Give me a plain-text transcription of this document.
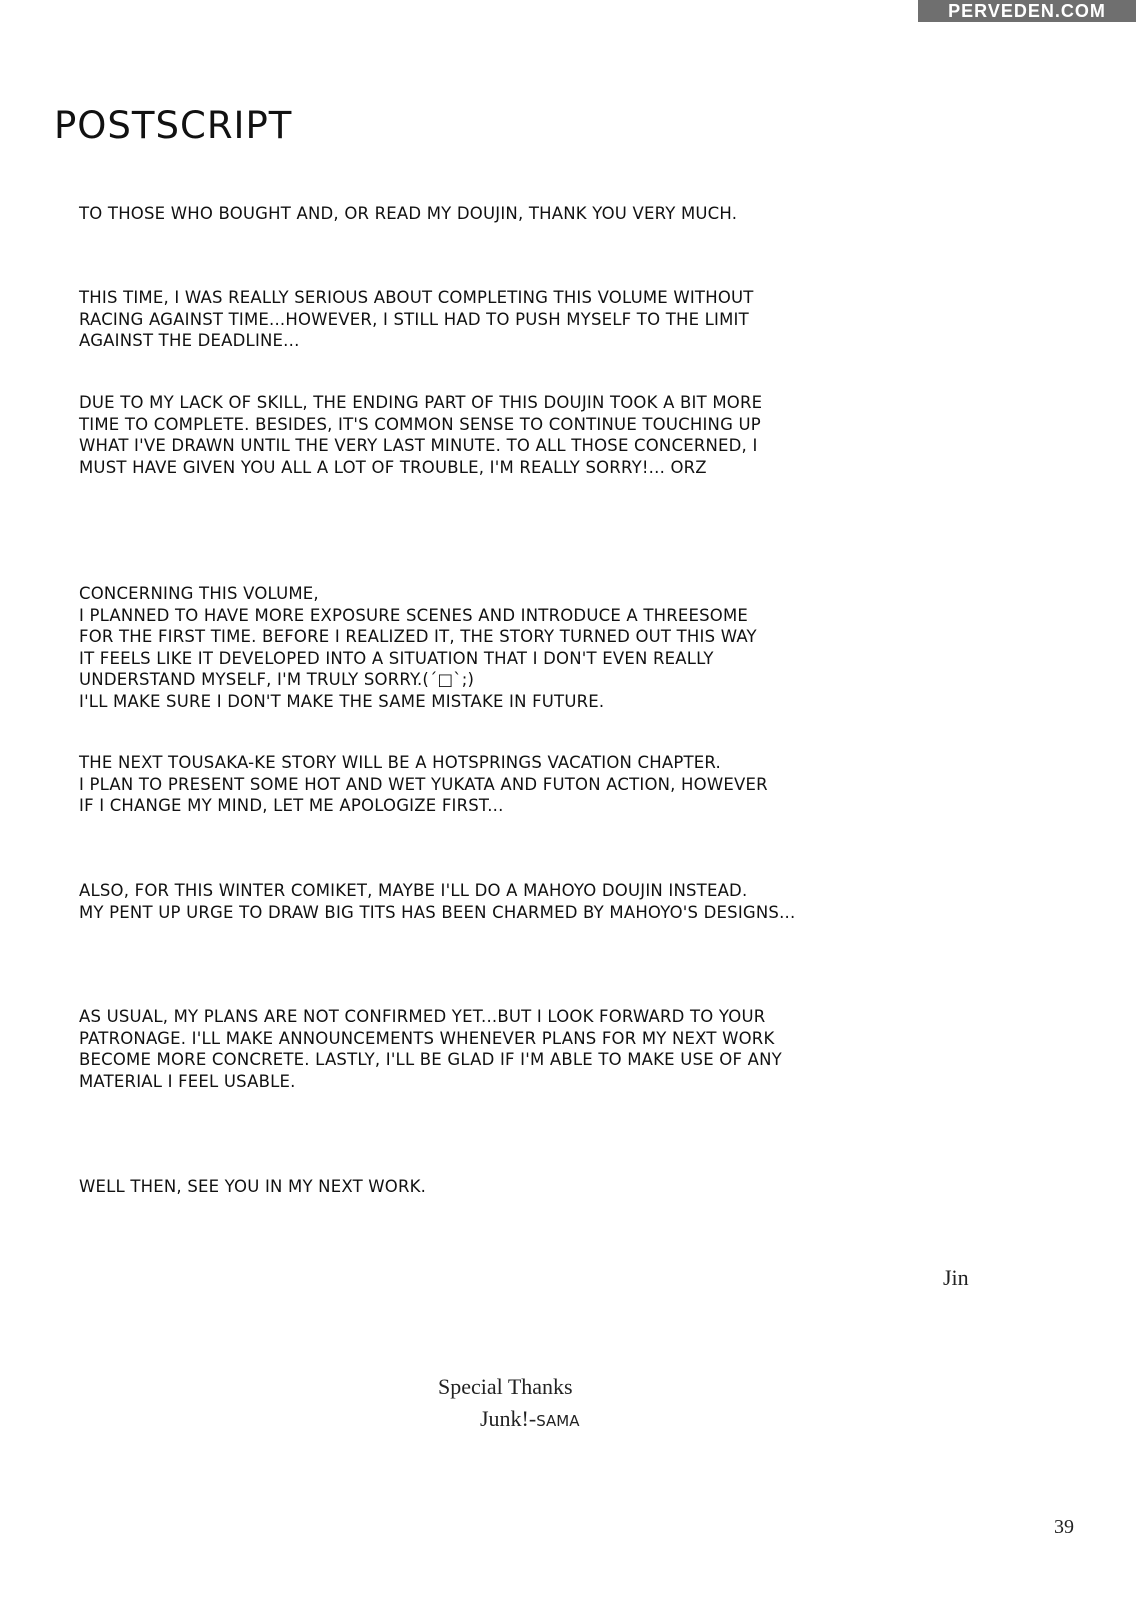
PERVEDEN.COM
POSTSCRIPT

TO THOSE WHO BOUGHT AND, OR READ MY DOUJIN, THANK YOU VERY MUCH.

THIS TIME, I WAS REALLY SERIOUS ABOUT COMPLETING THIS VOLUME WITHOUT
RACING AGAINST TIME...HOWEVER, I STILL HAD TO PUSH MYSELF TO THE LIMIT
AGAINST THE DEADLINE...

DUE TO MY LACK OF SKILL, THE ENDING PART OF THIS DOUJIN TOOK A BIT MORE
TIME TO COMPLETE. BESIDES, IT'S COMMON SENSE TO CONTINUE TOUCHING UP
WHAT I'VE DRAWN UNTIL THE VERY LAST MINUTE. TO ALL THOSE CONCERNED, I
MUST HAVE GIVEN YOU ALL A LOT OF TROUBLE, I'M REALLY SORRY!... ORZ

CONCERNING THIS VOLUME,
I PLANNED TO HAVE MORE EXPOSURE SCENES AND INTRODUCE A THREESOME
FOR THE FIRST TIME. BEFORE I REALIZED IT, THE STORY TURNED OUT THIS WAY
IT FEELS LIKE IT DEVELOPED INTO A SITUATION THAT I DON'T EVEN REALLY
UNDERSTAND MYSELF, I'M TRULY SORRY.(´□`;)
I'LL MAKE SURE I DON'T MAKE THE SAME MISTAKE IN FUTURE.

THE NEXT TOUSAKA-KE STORY WILL BE A HOTSPRINGS VACATION CHAPTER.
I PLAN TO PRESENT SOME HOT AND WET YUKATA AND FUTON ACTION, HOWEVER
IF I CHANGE MY MIND, LET ME APOLOGIZE FIRST...

ALSO, FOR THIS WINTER COMIKET, MAYBE I'LL DO A MAHOYO DOUJIN INSTEAD.
MY PENT UP URGE TO DRAW BIG TITS HAS BEEN CHARMED BY MAHOYO'S DESIGNS...

AS USUAL, MY PLANS ARE NOT CONFIRMED YET...BUT I LOOK FORWARD TO YOUR
PATRONAGE. I'LL MAKE ANNOUNCEMENTS WHENEVER PLANS FOR MY NEXT WORK
BECOME MORE CONCRETE. LASTLY, I'LL BE GLAD IF I'M ABLE TO MAKE USE OF ANY
MATERIAL I FEEL USABLE.

WELL THEN, SEE YOU IN MY NEXT WORK.

Jin

Special Thanks

Junk!-SAMA

39
